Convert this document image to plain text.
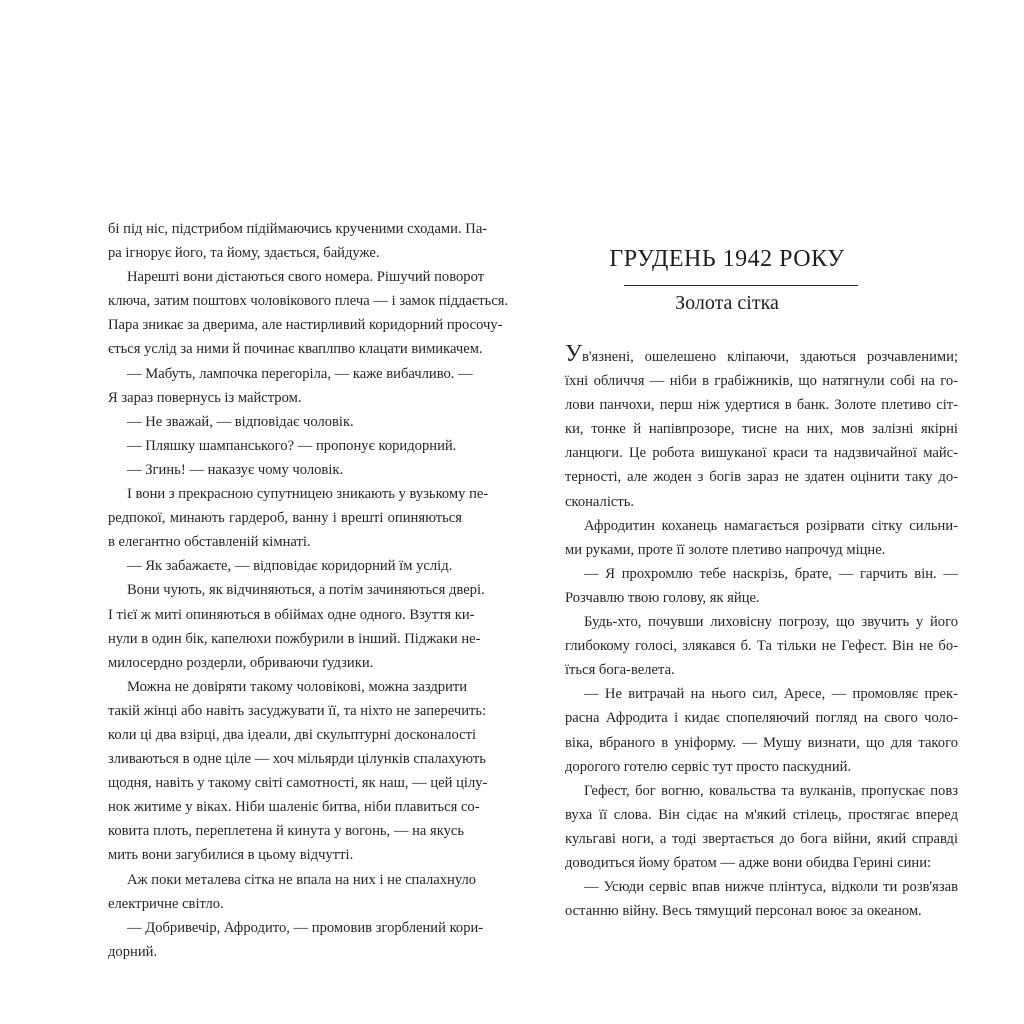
бі під ніс, підстрибом підіймаючись крученими сходами. Па-
ра ігнорує його, та йому, здається, байдуже.
Нарешті вони дістаються свого номера. Рішучий поворот
ключа, затим поштовх чоловікового плеча — і замок піддається.
Пара зникає за дверима, але настирливий коридорний просочу-
ється услід за ними й починає кваплпво клацати вимикачем.
— Мабуть, лампочка перегоріла, — каже вибачливо. —
Я зараз повернусь із майстром.
— Не зважай, — відповідає чоловік.
— Пляшку шампанського? — пропонує коридорний.
— Згинь! — наказує чому чоловік.
І вони з прекрасною супутницею зникають у вузькому пе-
редпокої, минають гардероб, ванну і врешті опиняються
в елегантно обставленій кімнаті.
— Як забажаєте, — відповідає коридорний їм услід.
Вони чують, як відчиняються, а потім зачиняються двері.
І тієї ж миті опиняються в обіймах одне одного. Взуття ки-
нули в один бік, капелюхи пожбурили в інший. Піджаки не-
милосердно роздерли, обриваючи ґудзики.
Можна не довіряти такому чоловікові, можна заздрити
такій жінці або навіть засуджувати її, та ніхто не заперечить:
коли ці два взірці, два ідеали, дві скульптурні досконалості
зливаються в одне ціле — хоч мільярди цілунків спалахують
щодня, навіть у такому світі самотності, як наш, — цей цілу-
нок житиме у віках. Ніби шаленіє битва, ніби плавиться со-
ковита плоть, переплетена й кинута у вогонь, — на якусь
мить вони загубилися в цьому відчутті.
Аж поки металева сітка не впала на них і не спалахнуло
електричне світло.
— Добривечір, Афродито, — промовив згорблений кори-
дорний.
ГРУДЕНЬ 1942 РОКУ
Золота сітка
Ув'язнені, ошелешено кліпаючи, здаються розчавленими;
їхні обличчя — ніби в грабіжників, що натягнули собі на го-
лови панчохи, перш ніж удертися в банк. Золоте плетиво сіт-
ки, тонке й напівпрозоре, тисне на них, мов залізні якірні
ланцюги. Це робота вишуканої краси та надзвичайної майс-
терності, але жоден з богів зараз не здатен оцінити таку до-
сконалість.
Афродитин коханець намагається розірвати сітку сильни-
ми руками, проте її золоте плетиво напрочуд міцне.
— Я прохромлю тебе наскрізь, брате, — гарчить він. —
Розчавлю твою голову, як яйце.
Будь-хто, почувши лиховісну погрозу, що звучить у його
глибокому голосі, злякався б. Та тільки не Гефест. Він не бо-
їться бога-велета.
— Не витрачай на нього сил, Аресе, — промовляє прек-
расна Афродита і кидає спопеляючий погляд на свого чоло-
віка, вбраного в уніформу. — Мушу визнати, що для такого
дорогого готелю сервіс тут просто паскудний.
Гефест, бог вогню, ковальства та вулканів, пропускає повз
вуха її слова. Він сідає на м'який стілець, простягає вперед
кульгаві ноги, а тоді звертається до бога війни, який справді
доводиться йому братом — адже вони обидва Герині сини:
— Усюди сервіс впав нижче плінтуса, відколи ти розв'язав
останню війну. Весь тямущий персонал воює за океаном.
